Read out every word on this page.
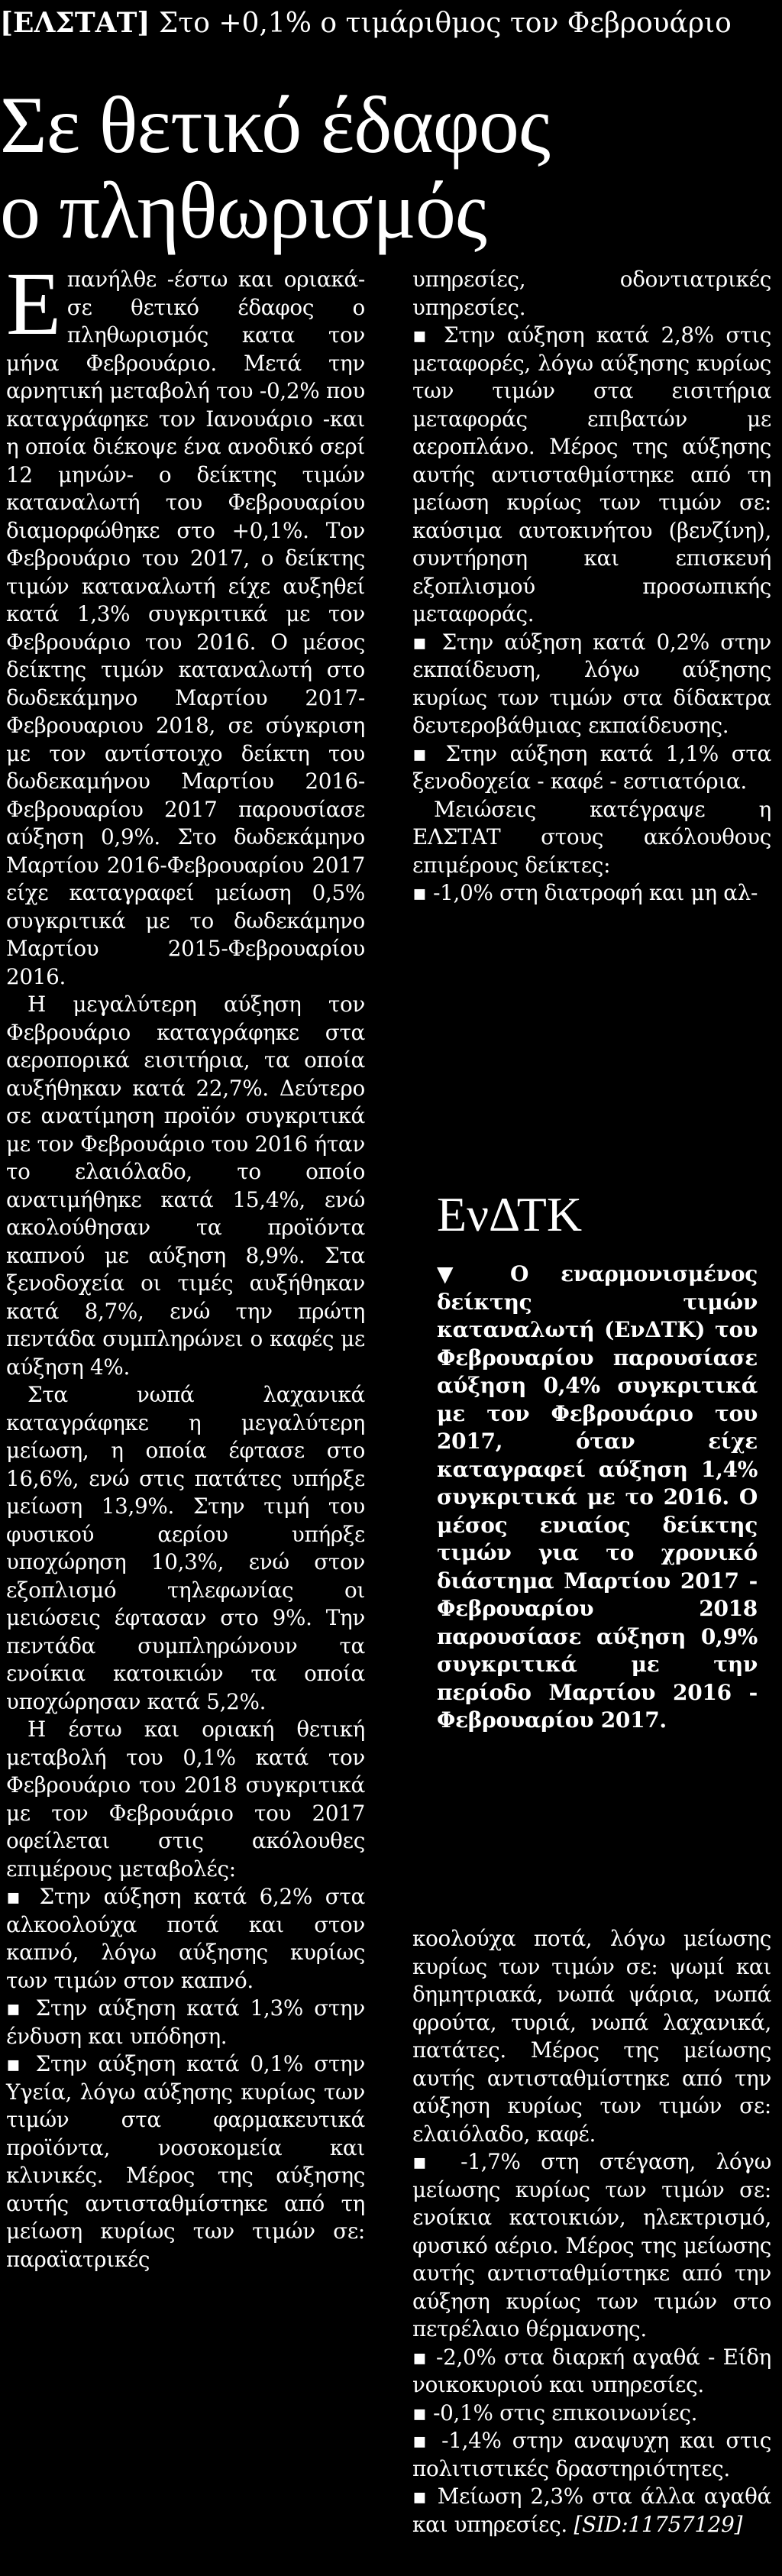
[ΕΛΣΤΑΤ] Στο +0,1% ο τιμάριθμος τον Φεβρουάριο
Σε θετικό έδαφος
ο πληθωρισμός

Επανήλθε -έστω και οριακά- σε θετικό έδαφος ο πληθωρισμός κατα τον μήνα Φεβρουάριο. Μετά την αρνητική μεταβολή του -0,2% που καταγράφηκε τον Ιανουάριο -και η οποία διέκοψε ένα ανοδικό σερί 12 μηνών- ο δείκτης τιμών καταναλωτή του Φεβρουαρίου διαμορφώθηκε στο +0,1%. Τον Φεβρουάριο του 2017, ο δείκτης τιμών καταναλωτή είχε αυξηθεί κατά 1,3% συγκριτικά με τον Φεβρουάριο του 2016. Ο μέσος δείκτης τιμών καταναλωτή στο δωδεκάμηνο Μαρτίου 2017-Φεβρουαριου 2018, σε σύγκριση με τον αντίστοιχο δείκτη του δωδεκαμήνου Μαρτίου 2016-Φεβρουαρίου 2017 παρουσίασε αύξηση 0,9%. Στο δωδεκάμηνο Μαρτίου 2016-Φεβρουαρίου 2017 είχε καταγραφεί μείωση 0,5% συγκριτικά με το δωδεκάμηνο Μαρτίου 2015-Φεβρουαρίου 2016.

Η μεγαλύτερη αύξηση τον Φεβρουάριο καταγράφηκε στα αεροπορικά εισιτήρια, τα οποία αυξήθηκαν κατά 22,7%. Δεύτερο σε ανατίμηση προϊόν συγκριτικά με τον Φεβρουάριο του 2016 ήταν το ελαιόλαδο, το οποίο ανατιμήθηκε κατά 15,4%, ενώ ακολούθησαν τα προϊόντα καπνού με αύξηση 8,9%. Στα ξενοδοχεία οι τιμές αυξήθηκαν κατά 8,7%, ενώ την πρώτη πεντάδα συμπληρώνει ο καφές με αύξηση 4%.

Στα νωπά λαχανικά καταγράφηκε η μεγαλύτερη μείωση, η οποία έφτασε στο 16,6%, ενώ στις πατάτες υπήρξε μείωση 13,9%. Στην τιμή του φυσικού αερίου υπήρξε υποχώρηση 10,3%, ενώ στον εξοπλισμό τηλεφωνίας οι μειώσεις έφτασαν στο 9%. Την πεντάδα συμπληρώνουν τα ενοίκια κατοικιών τα οποία υποχώρησαν κατά 5,2%.

Η έστω και οριακή θετική μεταβολή του 0,1% κατά τον Φεβρουάριο του 2018 συγκριτικά με τον Φεβρουάριο του 2017 οφείλεται στις ακόλουθες επιμέρους μεταβολές:

▪ Στην αύξηση κατά 6,2% στα αλκοολούχα ποτά και στον καπνό, λόγω αύξησης κυρίως των τιμών στον καπνό.

▪ Στην αύξηση κατά 1,3% στην ένδυση και υπόδηση.

▪ Στην αύξηση κατά 0,1% στην Υγεία, λόγω αύξησης κυρίως των τιμών στα φαρμακευτικά προϊόντα, νοσοκομεία και κλινικές. Μέρος της αύξησης αυτής αντισταθμίστηκε από τη μείωση κυρίως των τιμών σε: παραϊατρικές

υπηρεσίες, οδοντιατρικές υπηρεσίες.

▪ Στην αύξηση κατά 2,8% στις μεταφορές, λόγω αύξησης κυρίως των τιμών στα εισιτήρια μεταφοράς επιβατών με αεροπλάνο. Μέρος της αύξησης αυτής αντισταθμίστηκε από τη μείωση κυρίως των τιμών σε: καύσιμα αυτοκινήτου (βενζίνη), συντήρηση και επισκευή εξοπλισμού προσωπικής μεταφοράς.

▪ Στην αύξηση κατά 0,2% στην εκπαίδευση, λόγω αύξησης κυρίως των τιμών στα δίδακτρα δευτεροβάθμιας εκπαίδευσης.

▪ Στην αύξηση κατά 1,1% στα ξενοδοχεία - καφέ - εστιατόρια.

Μειώσεις κατέγραψε η ΕΛΣΤΑΤ στους ακόλουθους επιμέρους δείκτες:

▪ -1,0% στη διατροφή και μη αλ-

ΕνΔΤΚ
▼ Ο εναρμονισμένος δείκτης τιμών καταναλωτή (ΕνΔΤΚ) του Φεβρουαρίου παρουσίασε αύξηση 0,4% συγκριτικά με τον Φεβρουάριο του 2017, όταν είχε καταγραφεί αύξηση 1,4% συγκριτικά με το 2016. Ο μέσος ενιαίος δείκτης τιμών για το χρονικό διάστημα Μαρτίου 2017 - Φεβρουαρίου 2018 παρουσίασε αύξηση 0,9% συγκριτικά με την περίοδο Μαρτίου 2016 - Φεβρουαρίου 2017.

κοολούχα ποτά, λόγω μείωσης κυρίως των τιμών σε: ψωμί και δημητριακά, νωπά ψάρια, νωπά φρούτα, τυριά, νωπά λαχανικά, πατάτες. Μέρος της μείωσης αυτής αντισταθμίστηκε από την αύξηση κυρίως των τιμών σε: ελαιόλαδο, καφέ.

▪ -1,7% στη στέγαση, λόγω μείωσης κυρίως των τιμών σε: ενοίκια κατοικιών, ηλεκτρισμό, φυσικό αέριο. Μέρος της μείωσης αυτής αντισταθμίστηκε από την αύξηση κυρίως των τιμών στο πετρέλαιο θέρμανσης.

▪ -2,0% στα διαρκή αγαθά - Είδη νοικοκυριού και υπηρεσίες.

▪ -0,1% στις επικοινωνίες.

▪ -1,4% στην αναψυχη και στις πολιτιστικές δραστηριότητες.

▪ Μείωση 2,3% στα άλλα αγαθά και υπηρεσίες. [SID:11757129]
